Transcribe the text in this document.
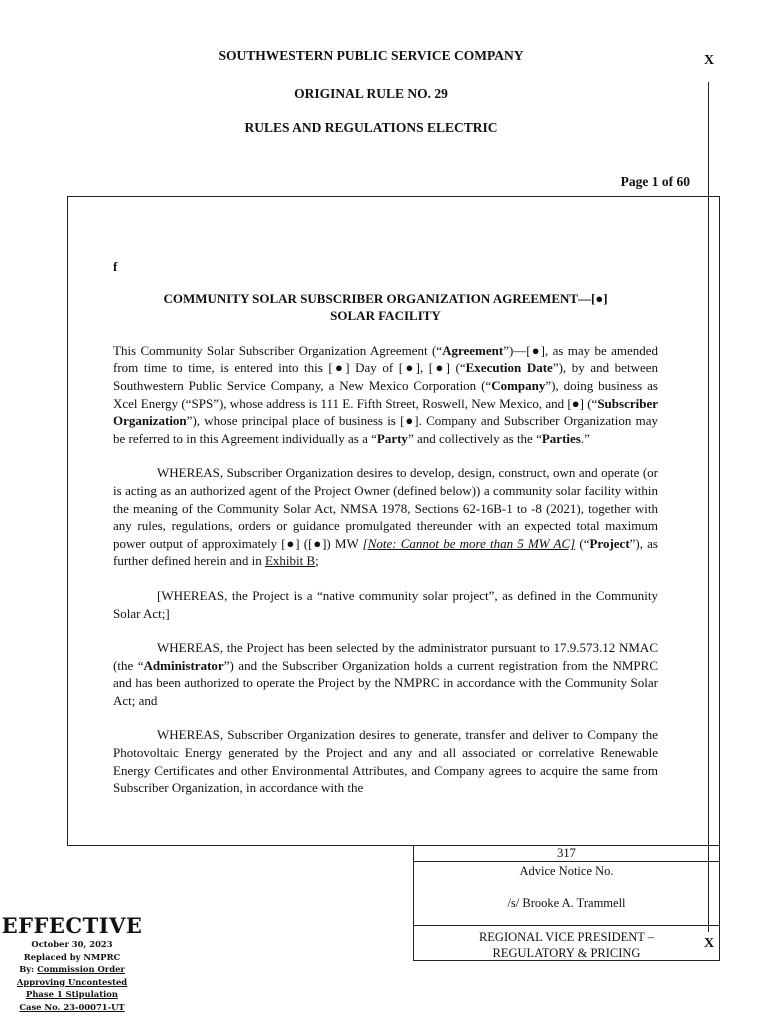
SOUTHWESTERN PUBLIC SERVICE COMPANY
ORIGINAL RULE NO. 29
RULES AND REGULATIONS ELECTRIC
X
Page 1 of 60
f
COMMUNITY SOLAR SUBSCRIBER ORGANIZATION AGREEMENT—[●]
SOLAR FACILITY

This Community Solar Subscriber Organization Agreement (“Agreement”)—[●], as may be amended from time to time, is entered into this [●] Day of [●], [●] (“Execution Date”), by and between Southwestern Public Service Company, a New Mexico Corporation (“Company”), doing business as Xcel Energy (“SPS”), whose address is 111 E. Fifth Street, Roswell, New Mexico, and [●] (“Subscriber Organization”), whose principal place of business is [●]. Company and Subscriber Organization may be referred to in this Agreement individually as a “Party” and collectively as the “Parties.”

WHEREAS, Subscriber Organization desires to develop, design, construct, own and operate (or is acting as an authorized agent of the Project Owner (defined below)) a community solar facility within the meaning of the Community Solar Act, NMSA 1978, Sections 62-16B-1 to -8 (2021), together with any rules, regulations, orders or guidance promulgated thereunder with an expected total maximum power output of approximately [●] ([●]) MW [Note: Cannot be more than 5 MW AC] (“Project”), as further defined herein and in Exhibit B;

[WHEREAS, the Project is a “native community solar project”, as defined in the Community Solar Act;]

WHEREAS, the Project has been selected by the administrator pursuant to 17.9.573.12 NMAC (the “Administrator”) and the Subscriber Organization holds a current registration from the NMPRC and has been authorized to operate the Project by the NMPRC in accordance with the Community Solar Act; and

WHEREAS, Subscriber Organization desires to generate, transfer and deliver to Company the Photovoltaic Energy generated by the Project and any and all associated or correlative Renewable Energy Certificates and other Environmental Attributes, and Company agrees to acquire the same from Subscriber Organization, in accordance with the

317
Advice Notice No.
/s/ Brooke A. Trammell
REGIONAL VICE PRESIDENT –
REGULATORY & PRICING
X
EFFECTIVE
October 30, 2023
Replaced by NMPRC
By: Commission Order
Approving Uncontested
Phase 1 Stipulation
Case No. 23-00071-UT
